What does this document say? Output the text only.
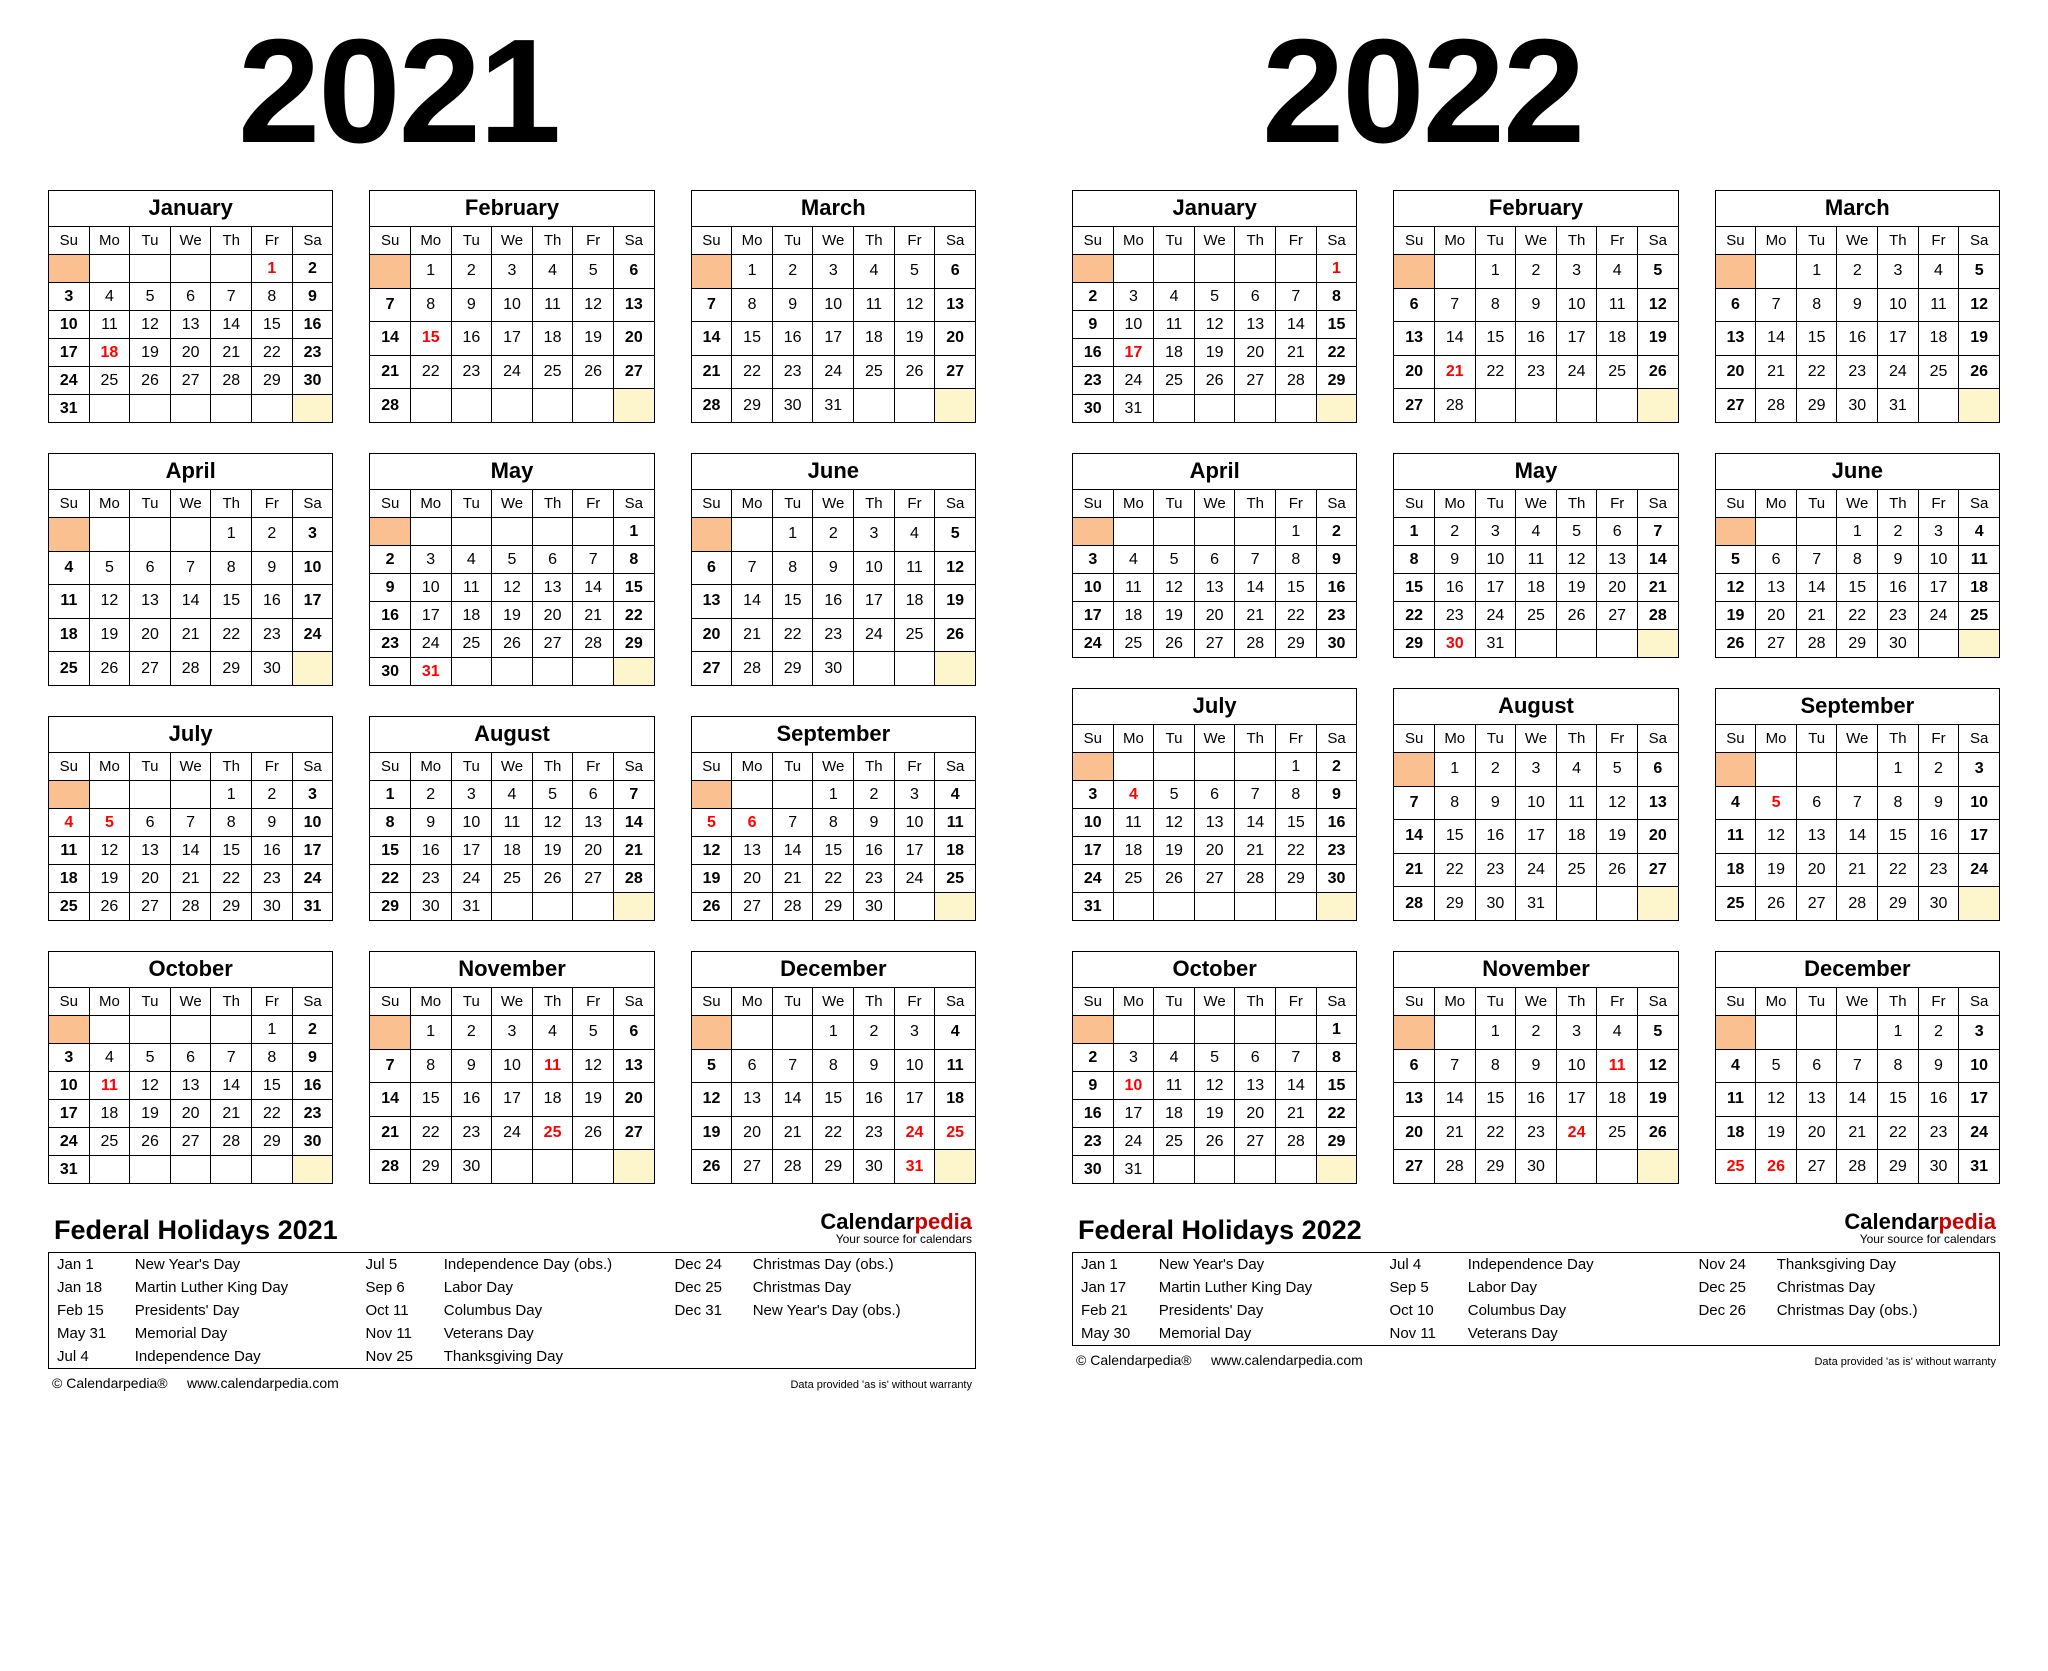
2021
January
Su	Mo	Tu	We	Th	Fr	Sa
					1	2
3	4	5	6	7	8	9
10	11	12	13	14	15	16
17	18	19	20	21	22	23
24	25	26	27	28	29	30
31						
February
Su	Mo	Tu	We	Th	Fr	Sa
	1	2	3	4	5	6
7	8	9	10	11	12	13
14	15	16	17	18	19	20
21	22	23	24	25	26	27
28						
March
Su	Mo	Tu	We	Th	Fr	Sa
	1	2	3	4	5	6
7	8	9	10	11	12	13
14	15	16	17	18	19	20
21	22	23	24	25	26	27
28	29	30	31			
April
Su	Mo	Tu	We	Th	Fr	Sa
				1	2	3
4	5	6	7	8	9	10
11	12	13	14	15	16	17
18	19	20	21	22	23	24
25	26	27	28	29	30	
May
Su	Mo	Tu	We	Th	Fr	Sa
						1
2	3	4	5	6	7	8
9	10	11	12	13	14	15
16	17	18	19	20	21	22
23	24	25	26	27	28	29
30	31					
June
Su	Mo	Tu	We	Th	Fr	Sa
		1	2	3	4	5
6	7	8	9	10	11	12
13	14	15	16	17	18	19
20	21	22	23	24	25	26
27	28	29	30			
July
Su	Mo	Tu	We	Th	Fr	Sa
				1	2	3
4	5	6	7	8	9	10
11	12	13	14	15	16	17
18	19	20	21	22	23	24
25	26	27	28	29	30	31
August
Su	Mo	Tu	We	Th	Fr	Sa
1	2	3	4	5	6	7
8	9	10	11	12	13	14
15	16	17	18	19	20	21
22	23	24	25	26	27	28
29	30	31				
September
Su	Mo	Tu	We	Th	Fr	Sa
			1	2	3	4
5	6	7	8	9	10	11
12	13	14	15	16	17	18
19	20	21	22	23	24	25
26	27	28	29	30		
October
Su	Mo	Tu	We	Th	Fr	Sa
					1	2
3	4	5	6	7	8	9
10	11	12	13	14	15	16
17	18	19	20	21	22	23
24	25	26	27	28	29	30
31						
November
Su	Mo	Tu	We	Th	Fr	Sa
	1	2	3	4	5	6
7	8	9	10	11	12	13
14	15	16	17	18	19	20
21	22	23	24	25	26	27
28	29	30				
December
Su	Mo	Tu	We	Th	Fr	Sa
			1	2	3	4
5	6	7	8	9	10	11
12	13	14	15	16	17	18
19	20	21	22	23	24	25
26	27	28	29	30	31	
2022
January
Su	Mo	Tu	We	Th	Fr	Sa
						1
2	3	4	5	6	7	8
9	10	11	12	13	14	15
16	17	18	19	20	21	22
23	24	25	26	27	28	29
30	31					
February
Su	Mo	Tu	We	Th	Fr	Sa
		1	2	3	4	5
6	7	8	9	10	11	12
13	14	15	16	17	18	19
20	21	22	23	24	25	26
27	28					
March
Su	Mo	Tu	We	Th	Fr	Sa
		1	2	3	4	5
6	7	8	9	10	11	12
13	14	15	16	17	18	19
20	21	22	23	24	25	26
27	28	29	30	31		
April
Su	Mo	Tu	We	Th	Fr	Sa
					1	2
3	4	5	6	7	8	9
10	11	12	13	14	15	16
17	18	19	20	21	22	23
24	25	26	27	28	29	30
May
Su	Mo	Tu	We	Th	Fr	Sa
1	2	3	4	5	6	7
8	9	10	11	12	13	14
15	16	17	18	19	20	21
22	23	24	25	26	27	28
29	30	31				
June
Su	Mo	Tu	We	Th	Fr	Sa
			1	2	3	4
5	6	7	8	9	10	11
12	13	14	15	16	17	18
19	20	21	22	23	24	25
26	27	28	29	30		
July
Su	Mo	Tu	We	Th	Fr	Sa
					1	2
3	4	5	6	7	8	9
10	11	12	13	14	15	16
17	18	19	20	21	22	23
24	25	26	27	28	29	30
31						
August
Su	Mo	Tu	We	Th	Fr	Sa
	1	2	3	4	5	6
7	8	9	10	11	12	13
14	15	16	17	18	19	20
21	22	23	24	25	26	27
28	29	30	31			
September
Su	Mo	Tu	We	Th	Fr	Sa
				1	2	3
4	5	6	7	8	9	10
11	12	13	14	15	16	17
18	19	20	21	22	23	24
25	26	27	28	29	30	
October
Su	Mo	Tu	We	Th	Fr	Sa
						1
2	3	4	5	6	7	8
9	10	11	12	13	14	15
16	17	18	19	20	21	22
23	24	25	26	27	28	29
30	31					
November
Su	Mo	Tu	We	Th	Fr	Sa
		1	2	3	4	5
6	7	8	9	10	11	12
13	14	15	16	17	18	19
20	21	22	23	24	25	26
27	28	29	30			
December
Su	Mo	Tu	We	Th	Fr	Sa
				1	2	3
4	5	6	7	8	9	10
11	12	13	14	15	16	17
18	19	20	21	22	23	24
25	26	27	28	29	30	31
Federal Holidays 2021	Calendarpedia
Your source for calendars
Jan 1	New Year's Day	Jul 5	Independence Day (obs.)	Dec 24	Christmas Day (obs.)
Jan 18	Martin Luther King Day	Sep 6	Labor Day	Dec 25	Christmas Day
Feb 15	Presidents' Day	Oct 11	Columbus Day	Dec 31	New Year's Day (obs.)
May 31	Memorial Day	Nov 11	Veterans Day		
Jul 4	Independence Day	Nov 25	Thanksgiving Day		
© Calendarpedia® www.calendarpedia.com	Data provided 'as is' without warranty
Federal Holidays 2022	Calendarpedia
Your source for calendars
Jan 1	New Year's Day	Jul 4	Independence Day	Nov 24	Thanksgiving Day
Jan 17	Martin Luther King Day	Sep 5	Labor Day	Dec 25	Christmas Day
Feb 21	Presidents' Day	Oct 10	Columbus Day	Dec 26	Christmas Day (obs.)
May 30	Memorial Day	Nov 11	Veterans Day		
© Calendarpedia® www.calendarpedia.com	Data provided 'as is' without warranty
